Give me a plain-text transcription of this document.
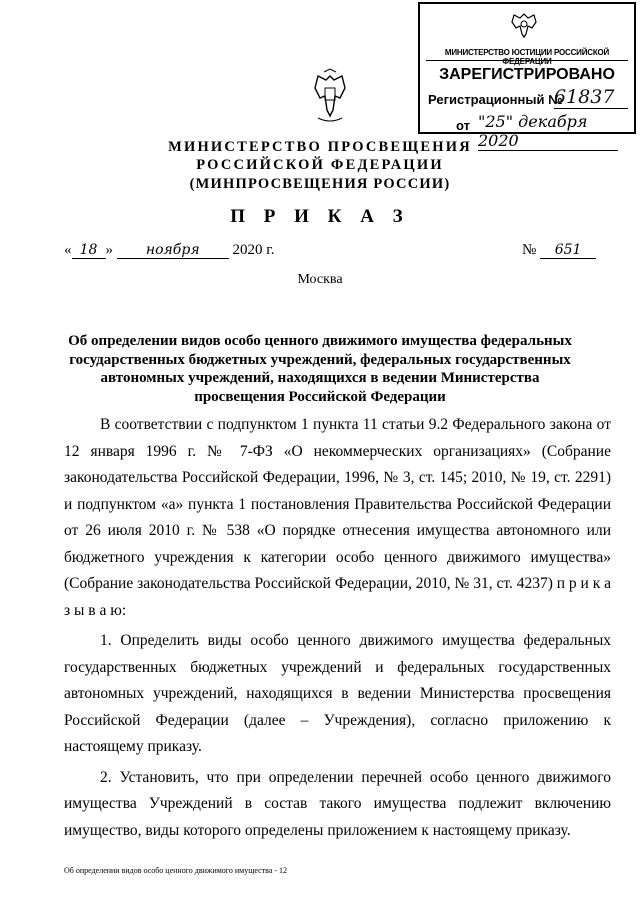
МИНИСТЕРСТВО ЮСТИЦИИ РОССИЙСКОЙ ФЕДЕРАЦИИ
ЗАРЕГИСТРИРОВАНО
Регистрационный №
61837
от "25" декабря 2020
МИНИСТЕРСТВО ПРОСВЕЩЕНИЯ
РОССИЙСКОЙ ФЕДЕРАЦИИ
(МИНПРОСВЕЩЕНИЯ РОССИИ)
П Р И К А З
« 18 » ноября 2020 г.	№ 651
Москва
Об определении видов особо ценного движимого имущества федеральных государственных бюджетных учреждений, федеральных государственных автономных учреждений, находящихся в ведении Министерства просвещения Российской Федерации

В соответствии с подпунктом 1 пункта 11 статьи 9.2 Федерального закона от 12 января 1996 г. № 7-ФЗ «О некоммерческих организациях» (Собрание законодательства Российской Федерации, 1996, № 3, ст. 145; 2010, № 19, ст. 2291) и подпунктом «а» пункта 1 постановления Правительства Российской Федерации от 26 июля 2010 г. № 538 «О порядке отнесения имущества автономного или бюджетного учреждения к категории особо ценного движимого имущества» (Собрание законодательства Российской Федерации, 2010, № 31, ст. 4237) п р и к а з ы в а ю:

1. Определить виды особо ценного движимого имущества федеральных государственных бюджетных учреждений и федеральных государственных автономных учреждений, находящихся в ведении Министерства просвещения Российской Федерации (далее – Учреждения), согласно приложению к настоящему приказу.

2. Установить, что при определении перечней особо ценного движимого имущества Учреждений в состав такого имущества подлежит включению имущество, виды которого определены приложением к настоящему приказу.

Об определении видов особо ценного движимого имущества - 12
